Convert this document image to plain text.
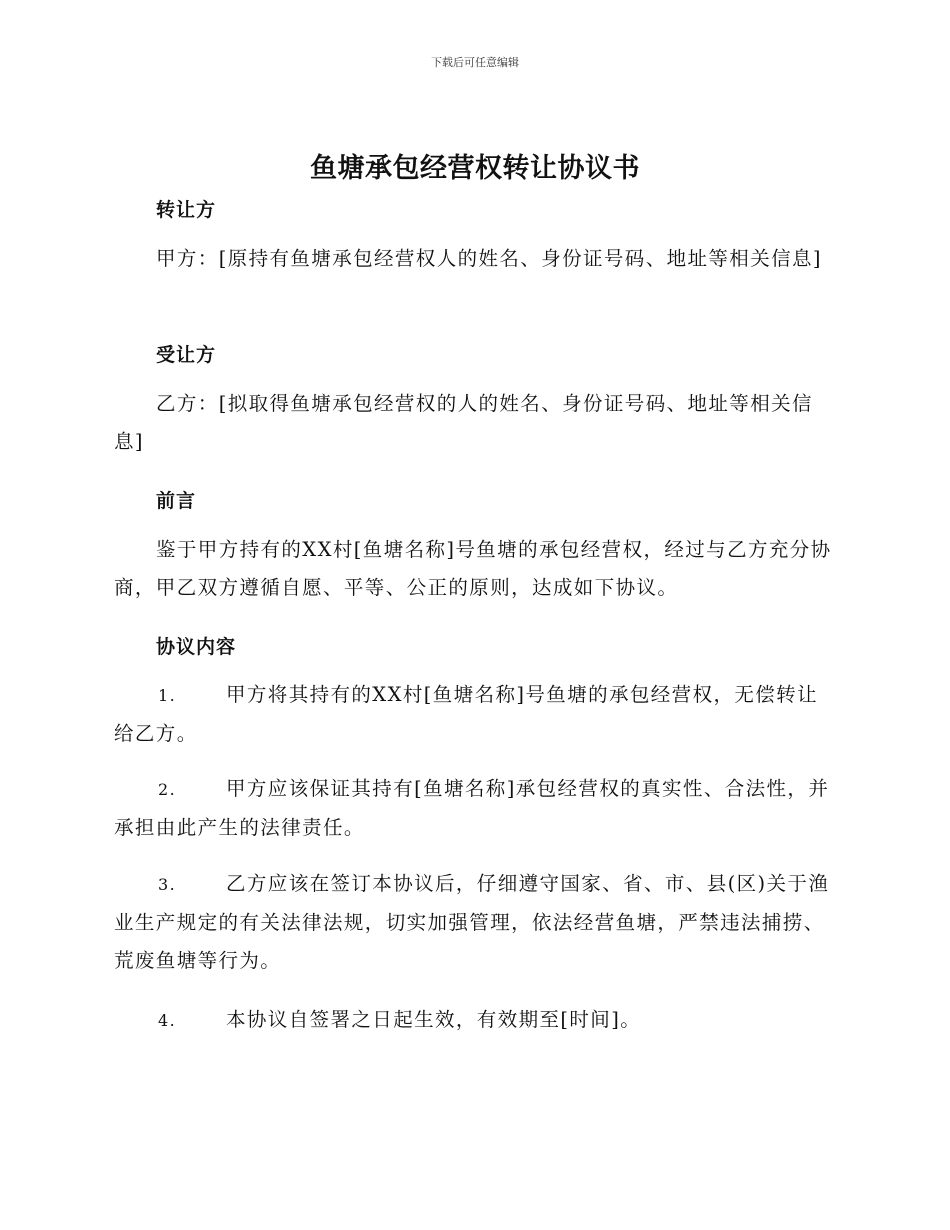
下载后可任意编辑
鱼塘承包经营权转让协议书
转让方

甲方：[原持有鱼塘承包经营权人的姓名、身份证号码、地址等相关信息]

受让方

乙方：[拟取得鱼塘承包经营权的人的姓名、身份证号码、地址等相关信息]

前言

鉴于甲方持有的XX村[鱼塘名称]号鱼塘的承包经营权，经过与乙方充分协商，甲乙双方遵循自愿、平等、公正的原则，达成如下协议。

协议内容

1.	甲方将其持有的XX村[鱼塘名称]号鱼塘的承包经营权，无偿转让给乙方。

2.	甲方应该保证其持有[鱼塘名称]承包经营权的真实性、合法性，并承担由此产生的法律责任。

3.	乙方应该在签订本协议后，仔细遵守国家、省、市、县(区)关于渔业生产规定的有关法律法规，切实加强管理，依法经营鱼塘，严禁违法捕捞、荒废鱼塘等行为。

4.	本协议自签署之日起生效，有效期至[时间]。
